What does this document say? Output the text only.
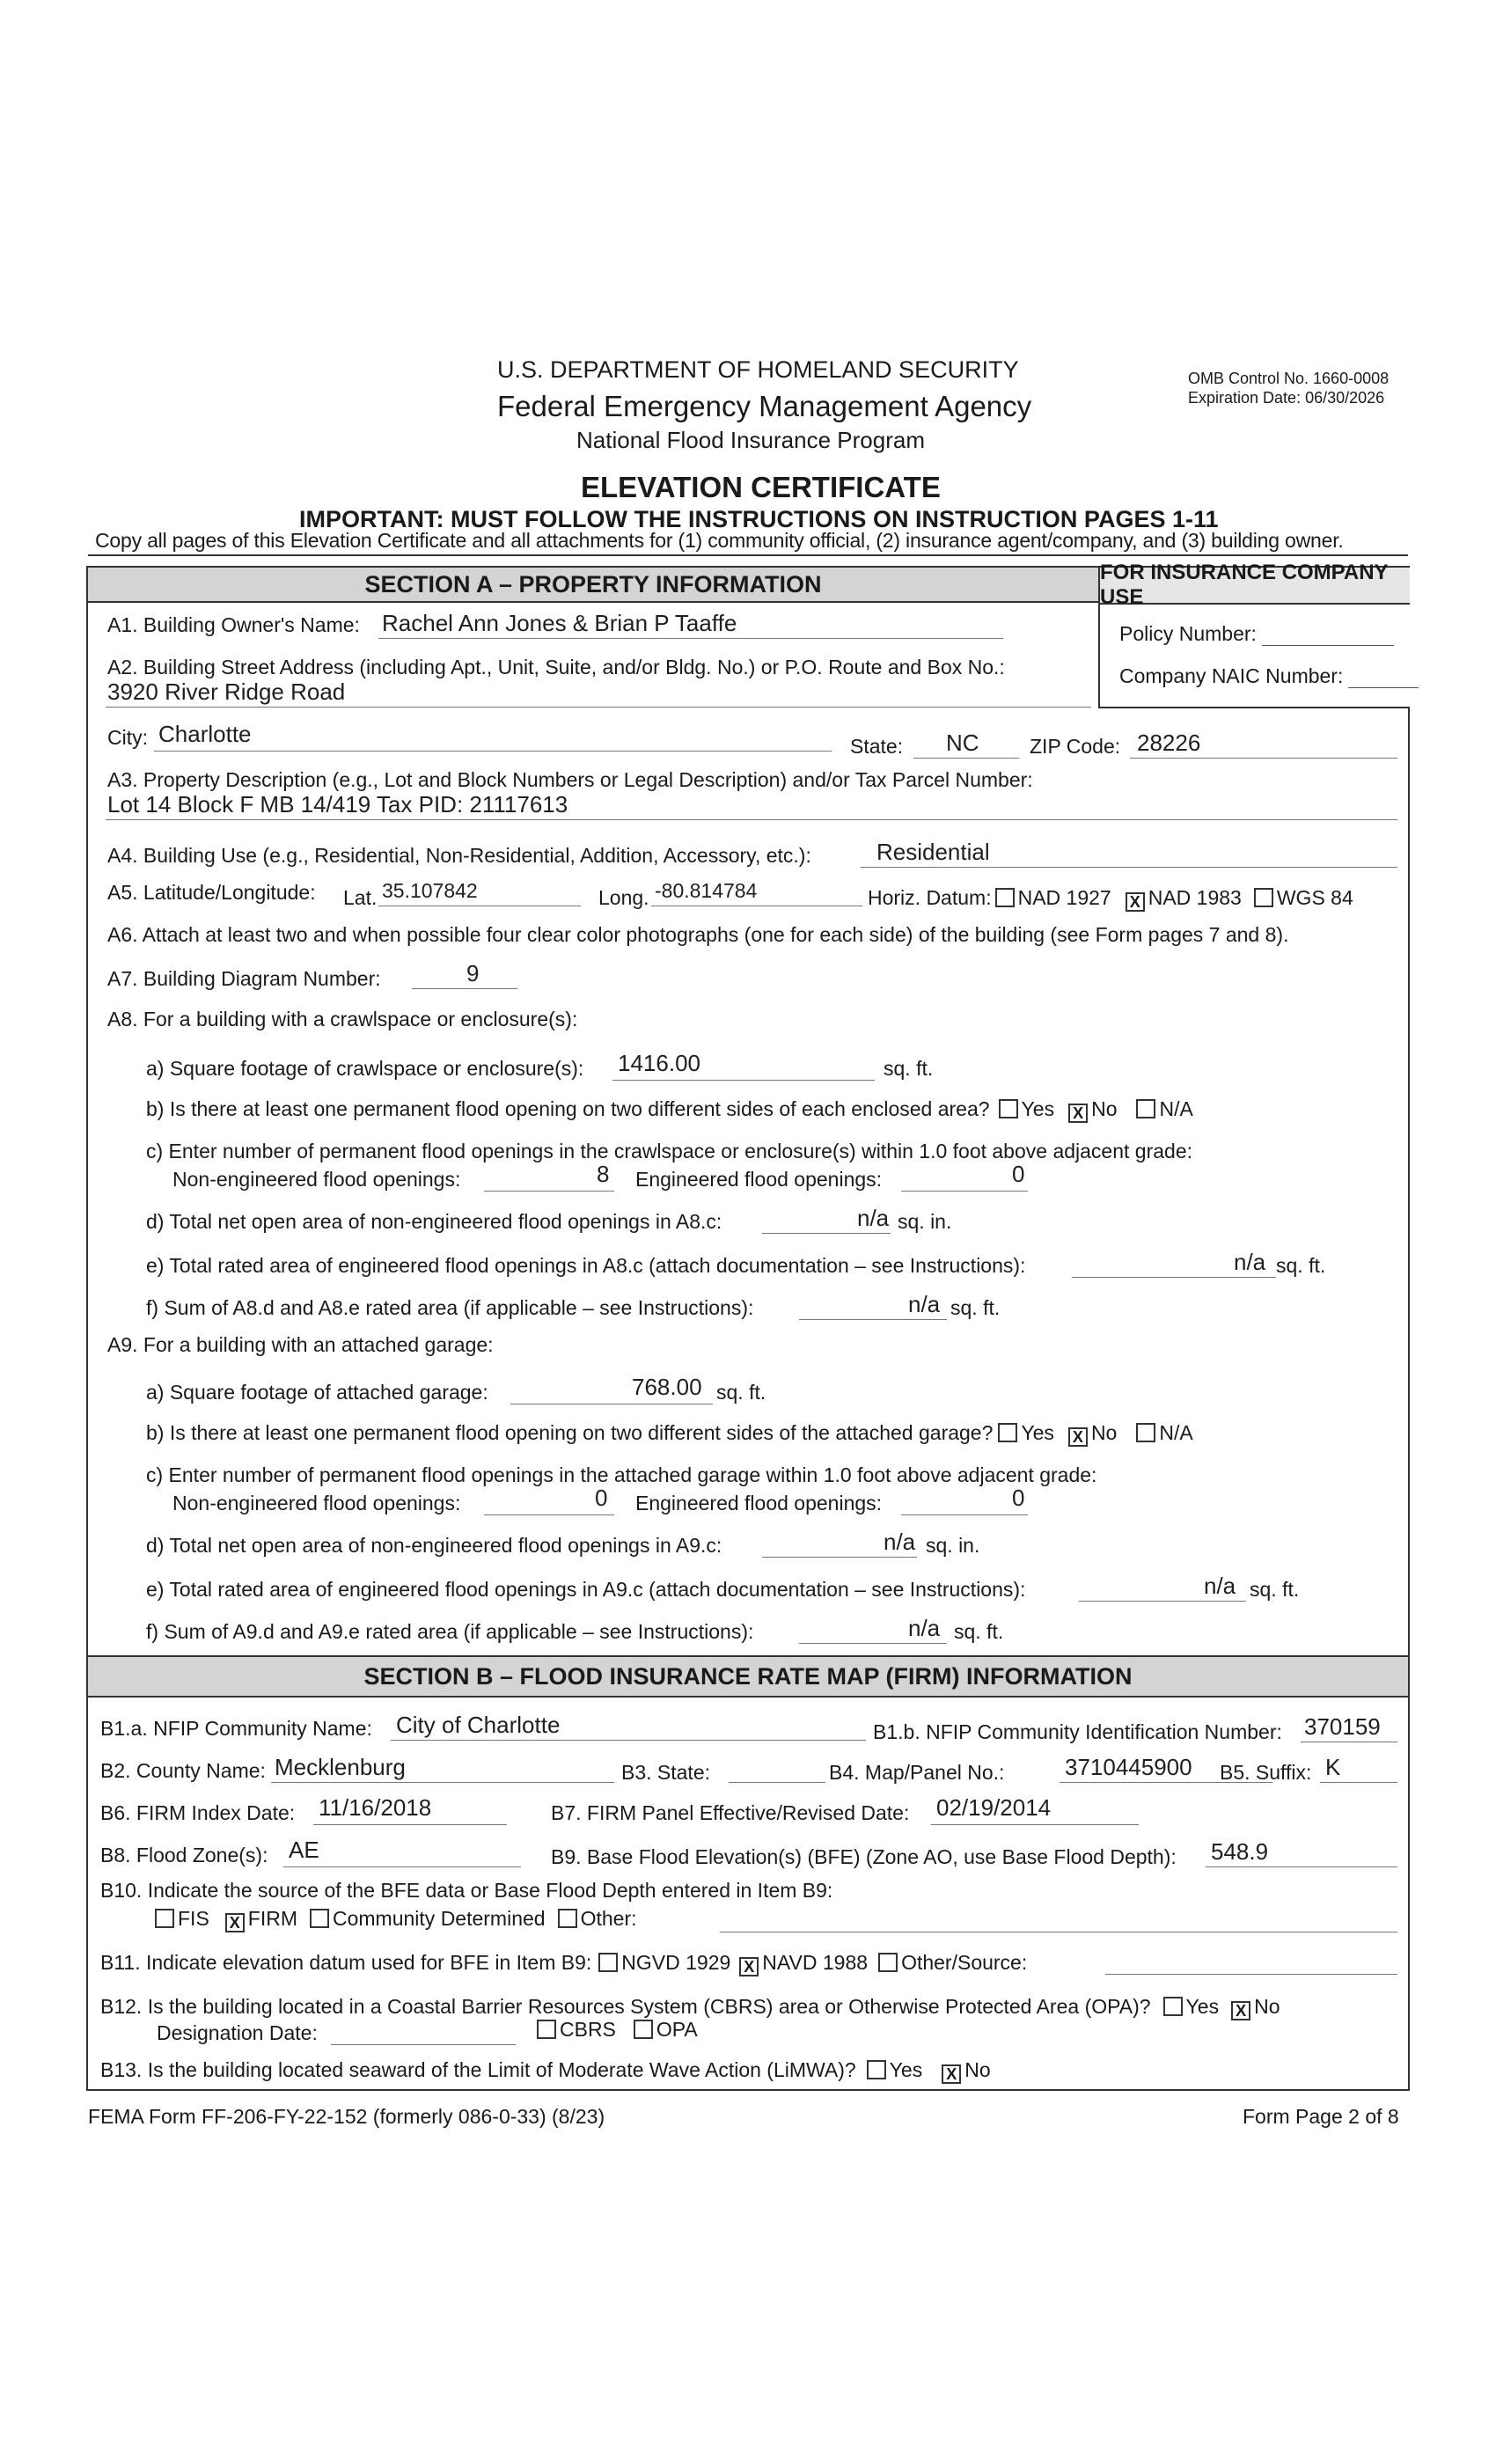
U.S. DEPARTMENT OF HOMELAND SECURITY
Federal Emergency Management Agency
National Flood Insurance Program
OMB Control No. 1660-0008
Expiration Date: 06/30/2026
ELEVATION CERTIFICATE
IMPORTANT: MUST FOLLOW THE INSTRUCTIONS ON INSTRUCTION PAGES 1-11
Copy all pages of this Elevation Certificate and all attachments for (1) community official, (2) insurance agent/company, and (3) building owner.
SECTION A – PROPERTY INFORMATION	FOR INSURANCE COMPANY USE
Policy Number:
Company NAIC Number:
A1. Building Owner's Name: Rachel Ann Jones & Brian P Taaffe
A2. Building Street Address (including Apt., Unit, Suite, and/or Bldg. No.) or P.O. Route and Box No.:
3920 River Ridge Road
City: Charlotte	State: NC ZIP Code: 28226
A3. Property Description (e.g., Lot and Block Numbers or Legal Description) and/or Tax Parcel Number:
Lot 14 Block F MB 14/419 Tax PID: 21117613
A4. Building Use (e.g., Residential, Non-Residential, Addition, Accessory, etc.):	Residential
A5. Latitude/Longitude: Lat. 35.107842	Long. -80.814784	Horiz. Datum: NAD 1927 X NAD 1983 WGS 84
A6. Attach at least two and when possible four clear color photographs (one for each side) of the building (see Form pages 7 and 8).
A7. Building Diagram Number:	9
A8. For a building with a crawlspace or enclosure(s):
a) Square footage of crawlspace or enclosure(s): 1416.00	sq. ft.
b) Is there at least one permanent flood opening on two different sides of each enclosed area? Yes X No N/A
c) Enter number of permanent flood openings in the crawlspace or enclosure(s) within 1.0 foot above adjacent grade:
Non-engineered flood openings:	8 Engineered flood openings:	0
d) Total net open area of non-engineered flood openings in A8.c:	n/a sq. in.
e) Total rated area of engineered flood openings in A8.c (attach documentation – see Instructions):	n/a sq. ft.
f) Sum of A8.d and A8.e rated area (if applicable – see Instructions):	n/a sq. ft.
A9. For a building with an attached garage:
a) Square footage of attached garage:	768.00 sq. ft.
b) Is there at least one permanent flood opening on two different sides of the attached garage? Yes X No N/A
c) Enter number of permanent flood openings in the attached garage within 1.0 foot above adjacent grade:
Non-engineered flood openings:	0 Engineered flood openings:	0
d) Total net open area of non-engineered flood openings in A9.c:	n/a sq. in.
e) Total rated area of engineered flood openings in A9.c (attach documentation – see Instructions):	n/a sq. ft.
f) Sum of A9.d and A9.e rated area (if applicable – see Instructions):	n/a sq. ft.
SECTION B – FLOOD INSURANCE RATE MAP (FIRM) INFORMATION
B1.a. NFIP Community Name: City of Charlotte	B1.b. NFIP Community Identification Number: 370159
B2. County Name: Mecklenburg	B3. State:	B4. Map/Panel No.:	3710445900 B5. Suffix: K
B6. FIRM Index Date: 11/16/2018	B7. FIRM Panel Effective/Revised Date: 02/19/2014
B8. Flood Zone(s): AE	B9. Base Flood Elevation(s) (BFE) (Zone AO, use Base Flood Depth): 548.9
B10. Indicate the source of the BFE data or Base Flood Depth entered in Item B9:
FIS X FIRM Community Determined Other:
B11. Indicate elevation datum used for BFE in Item B9: NGVD 1929 X NAVD 1988 Other/Source:
B12. Is the building located in a Coastal Barrier Resources System (CBRS) area or Otherwise Protected Area (OPA)? Yes X No
Designation Date:	CBRS OPA
B13. Is the building located seaward of the Limit of Moderate Wave Action (LiMWA)? Yes X No
FEMA Form FF-206-FY-22-152 (formerly 086-0-33) (8/23)	Form Page 2 of 8
